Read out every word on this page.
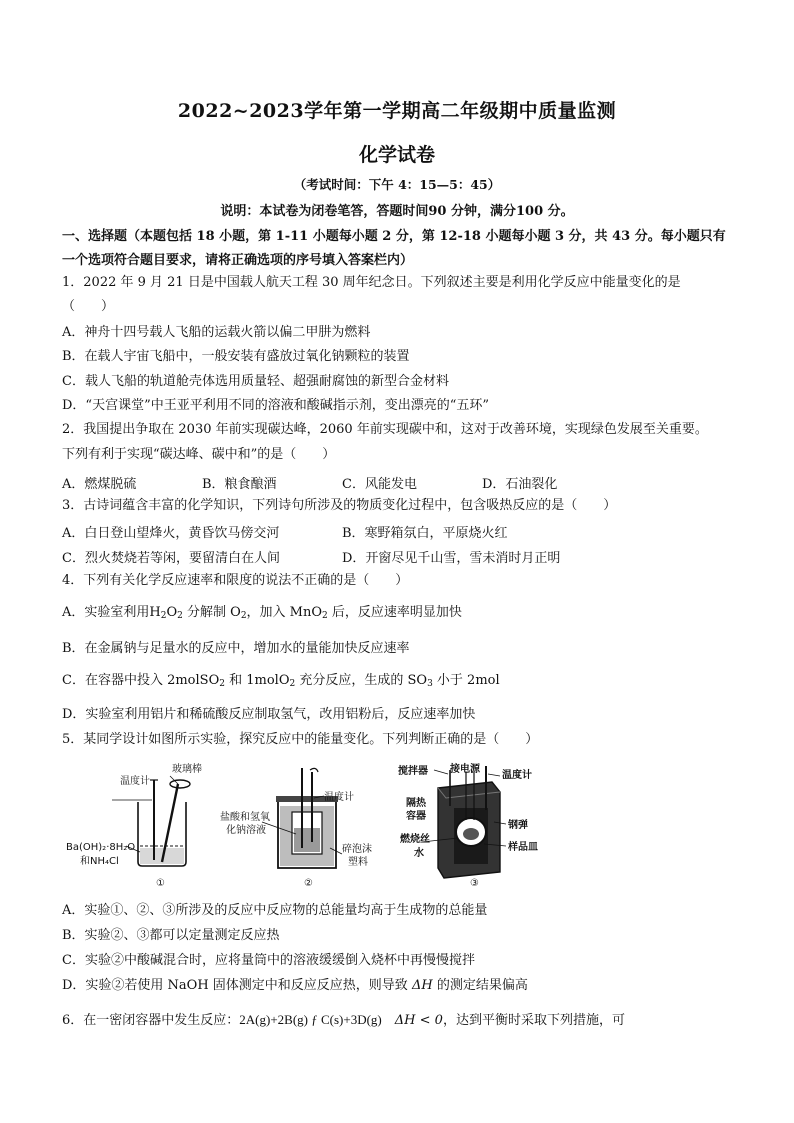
2022~2023学年第一学期高二年级期中质量监测
化学试卷
（考试时间：下午 4：15—5：45）
说明：本试卷为闭卷笔答，答题时间90 分钟，满分100 分。
一、选择题（本题包括 18 小题，第 1-11 小题每小题 2 分，第 12-18 小题每小题 3 分，共 43 分。每小题只有
一个选项符合题目要求，请将正确选项的序号填入答案栏内）
1．2022 年 9 月 21 日是中国载人航天工程 30 周年纪念日。下列叙述主要是利用化学反应中能量变化的是
（　　）
A．神舟十四号载人飞船的运载火箭以偏二甲肼为燃料
B．在载人宇宙飞船中，一般安装有盛放过氧化钠颗粒的装置
C．载人飞船的轨道舱壳体选用质量轻、超强耐腐蚀的新型合金材料
D．“天宫课堂”中王亚平利用不同的溶液和酸碱指示剂，变出漂亮的“五环”
2．我国提出争取在 2030 年前实现碳达峰，2060 年前实现碳中和，这对于改善环境，实现绿色发展至关重要。
下列有利于实现“碳达峰、碳中和”的是（　　）
A．燃煤脱硫	B．粮食酿酒	C．风能发电	D．石油裂化
3．古诗词蕴含丰富的化学知识，下列诗句所涉及的物质变化过程中，包含吸热反应的是（　　）
A．白日登山望烽火，黄昏饮马傍交河	B．寒野箱氛白，平原烧火红
C．烈火焚烧若等闲，要留清白在人间	D．开窗尽见千山雪，雪未消时月正明
4．下列有关化学反应速率和限度的说法不正确的是（　　）
A．实验室利用$H_2O_2$ 分解制 $O_2$，加入 MnO$_2$ 后，反应速率明显加快
B．在金属钠与足量水的反应中，增加水的量能加快反应速率
C．在容器中投入 2molSO$_2$ 和 1molO$_2$ 充分反应，生成的 $SO_3$ 小于 2mol
D．实验室利用铝片和稀硫酸反应制取氢气，改用铝粉后，反应速率加快
5．某同学设计如图所示实验，探究反应中的能量变化。下列判断正确的是（　　）
温度计
玻璃棒
Ba(OH)₂·8H₂O
和NH₄Cl
①
温度计
盐酸和氢氧
化钠溶液
碎泡沫
塑料
②
搅拌器 接电源
温度计
隔热
容器
燃烧丝
水
钢弹
样品皿
③
A．实验①、②、③所涉及的反应中反应物的总能量均高于生成物的总能量
B．实验②、③都可以定量测定反应热
C．实验②中酸碱混合时，应将量筒中的溶液缓缓倒入烧杯中再慢慢搅拌
D．实验②若使用 NaOH 固体测定中和反应反应热，则导致 ΔH 的测定结果偏高
6．在一密闭容器中发生反应：2A(g)+2B(g) ƒ C(s)+3D(g)　 ΔH < 0，达到平衡时采取下列措施，可
